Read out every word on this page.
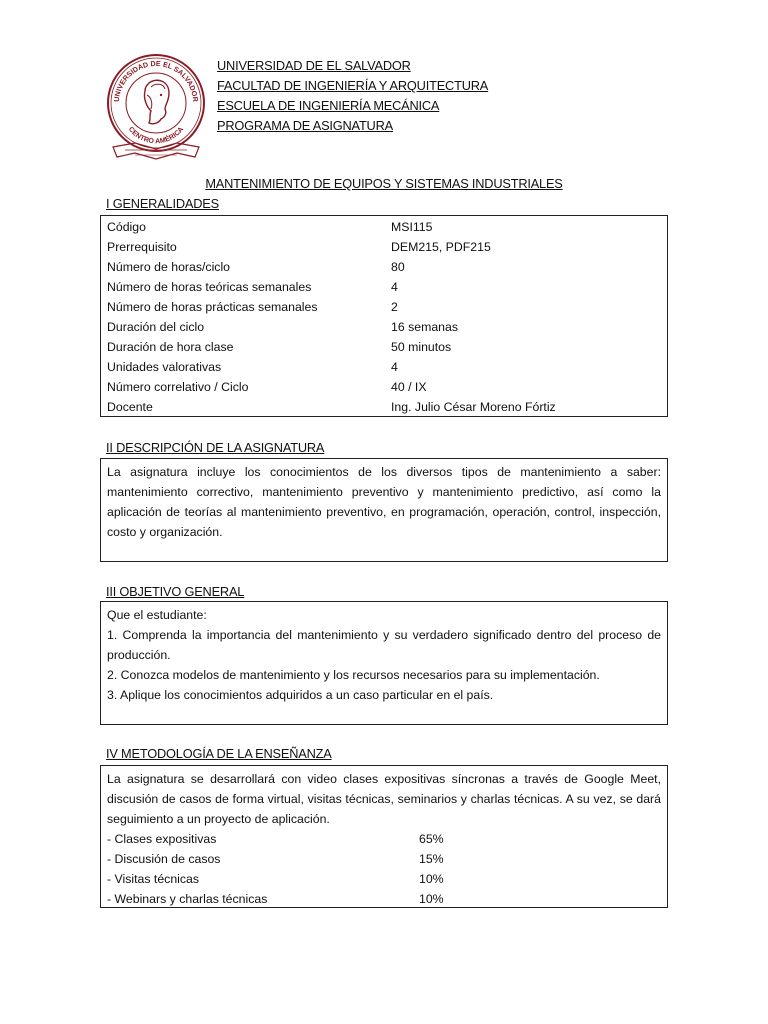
UNIVERSIDAD DE EL SALVADOR
CENTRO AMÉRICA
UNIVERSIDAD DE EL SALVADOR
FACULTAD DE INGENIERÍA Y ARQUITECTURA
ESCUELA DE INGENIERÍA MECÁNICA
PROGRAMA DE ASIGNATURA
MANTENIMIENTO DE EQUIPOS Y SISTEMAS INDUSTRIALES
I GENERALIDADES
Código	MSI115
Prerrequisito	DEM215, PDF215
Número de horas/ciclo	80
Número de horas teóricas semanales	4
Número de horas prácticas semanales	2
Duración del ciclo	16 semanas
Duración de hora clase	50 minutos
Unidades valorativas	4
Número correlativo / Ciclo	40 / IX
Docente	Ing. Julio César Moreno Fórtiz
II DESCRIPCIÓN DE LA ASIGNATURA
La asignatura incluye los conocimientos de los diversos tipos de mantenimiento a saber: mantenimiento correctivo, mantenimiento preventivo y mantenimiento predictivo, así como la aplicación de teorías al mantenimiento preventivo, en programación, operación, control, inspección, costo y organización.
III OBJETIVO GENERAL

Que el estudiante:

1. Comprenda la importancia del mantenimiento y su verdadero significado dentro del proceso de producción.

2. Conozca modelos de mantenimiento y los recursos necesarios para su implementación.

3. Aplique los conocimientos adquiridos a un caso particular en el país.

IV METODOLOGÍA DE LA ENSEÑANZA
La asignatura se desarrollará con video clases expositivas síncronas a través de Google Meet, discusión de casos de forma virtual, visitas técnicas, seminarios y charlas técnicas. A su vez, se dará seguimiento a un proyecto de aplicación.
- Clases expositivas	65%
- Discusión de casos	15%
- Visitas técnicas	10%
- Webinars y charlas técnicas	10%
